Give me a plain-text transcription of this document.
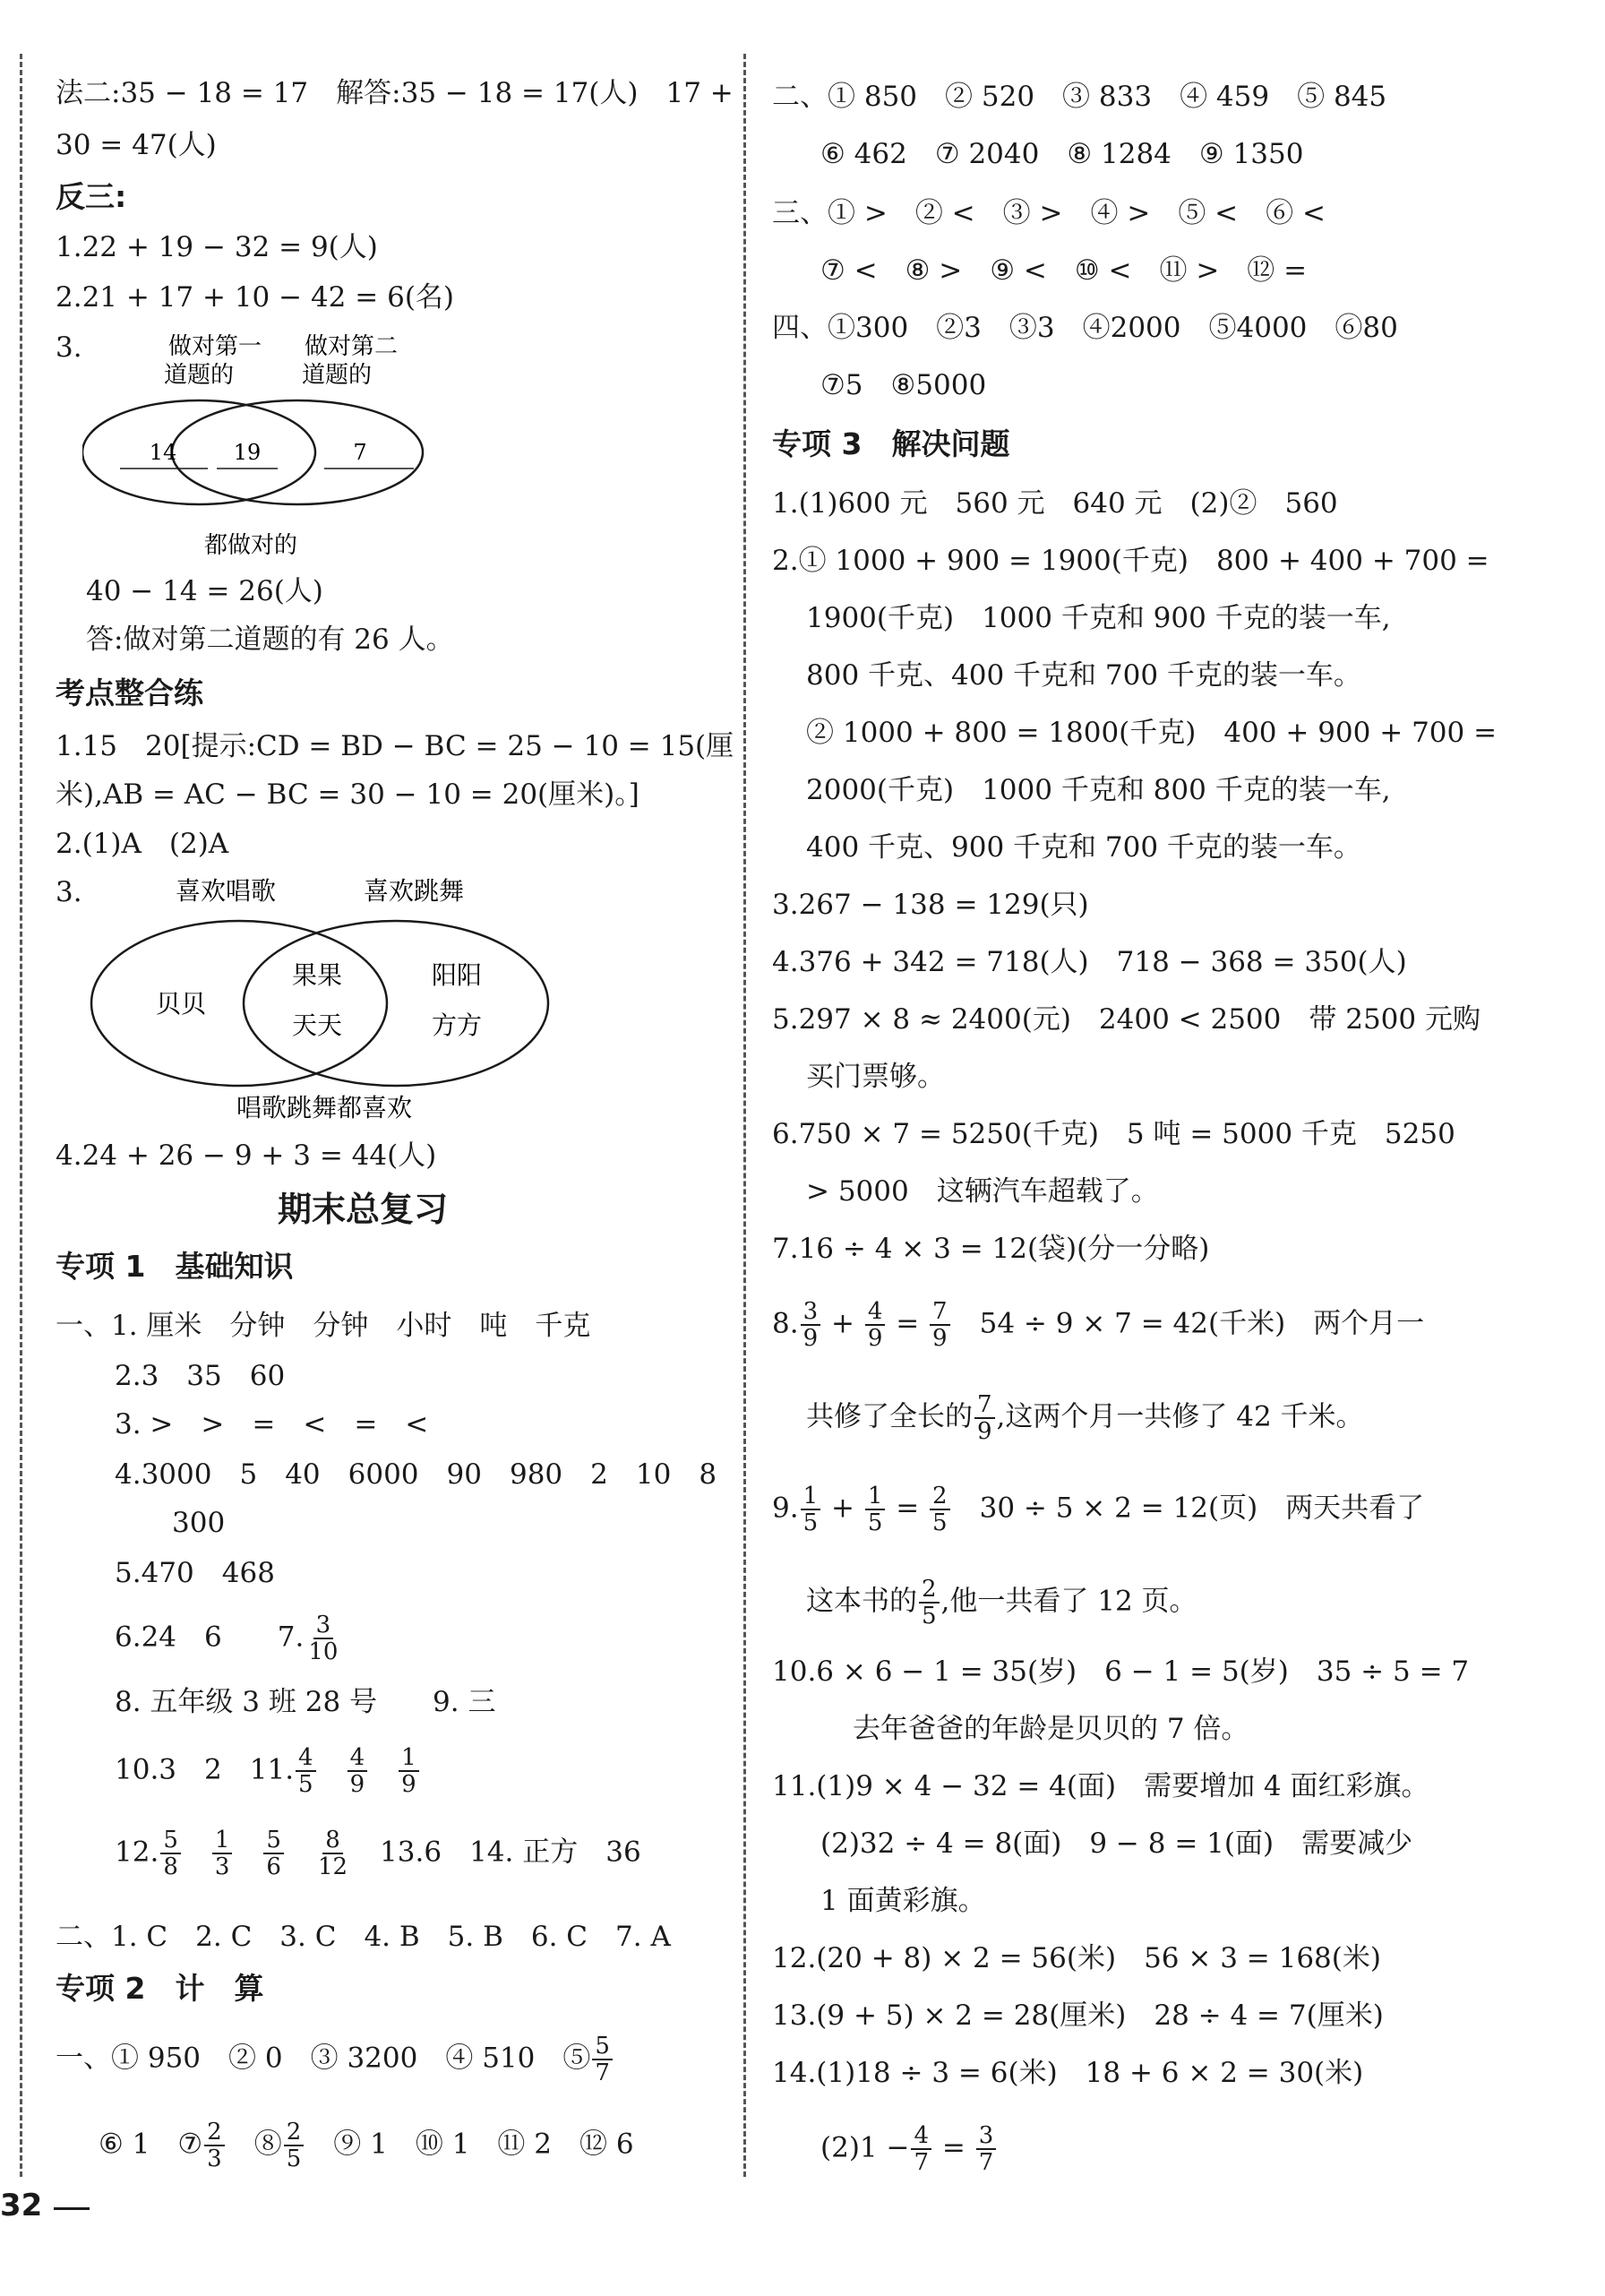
法二:35 − 18 = 17　解答:35 − 18 = 17(人)　17 +
30 = 47(人)
反三:
1.22 + 19 − 32 = 9(人)
2.21 + 17 + 10 − 42 = 6(名)
3.	做对第一
道题的
做对第二
道题的
14	19	7
都做对的
40 − 14 = 26(人)
答:做对第二道题的有 26 人。
考点整合练
1.15　20[提示:CD = BD − BC = 25 − 10 = 15(厘
米),AB = AC − BC = 30 − 10 = 20(厘米)。]
2.(1)A　(2)A
3.	喜欢唱歌	喜欢跳舞
贝贝
果果
天天
阳阳
方方
唱歌跳舞都喜欢
4.24 + 26 − 9 + 3 = 44(人)
期末总复习
专项 1　基础知识
一、1. 厘米　分钟　分钟　小时　吨　千克
2.3　35　60
3. >　>　=　<　=　<
4.3000　5　40　6000　90　980　2　10　8
300
5.470　468
6.24　6　　7. $\frac{3}{10}$
8. 五年级 3 班 28 号　　9. 三
10.3　2　11. $\frac{4}{5}$
　 $\frac{4}{9}$
　 $\frac{1}{9}$
12. $\frac{5}{8}$
　 $\frac{1}{3}$
　 $\frac{5}{6}$
　 $\frac{8}{12}$
　 13.6　14. 正方　36
二、1. C　2. C　3. C　4. B　5. B　6. C　7. A
专项 2　计　算
一、① 950　② 0　③ 3200　④ 510　⑤ $\frac{5}{7}$
⑥ 1　⑦ $\frac{2}{3}$
　 ⑧ $\frac{2}{5}$
　 ⑨ 1　⑩ 1　⑪ 2　⑫ 6
二、① 850　② 520　③ 833　④ 459　⑤ 845
⑥ 462　⑦ 2040　⑧ 1284　⑨ 1350
三、① >　② <　③ >　④ >　⑤ <　⑥ <
⑦ <　⑧ >　⑨ <　⑩ <　⑪ >　⑫ =
四、①300　②3　③3　④2000　⑤4000　⑥80
⑦5　⑧5000
专项 3　解决问题
1.(1)600 元　560 元　640 元　(2)②　560
2.① 1000 + 900 = 1900(千克)　800 + 400 + 700 =
1900(千克)　1000 千克和 900 千克的装一车,
800 千克、400 千克和 700 千克的装一车。
② 1000 + 800 = 1800(千克)　400 + 900 + 700 =
2000(千克)　1000 千克和 800 千克的装一车,
400 千克、900 千克和 700 千克的装一车。
3.267 − 138 = 129(只)
4.376 + 342 = 718(人)　718 − 368 = 350(人)
5.297 × 8 ≈ 2400(元)　2400 < 2500　带 2500 元购
买门票够。
6.750 × 7 = 5250(千克)　5 吨 = 5000 千克　5250
> 5000　这辆汽车超载了。
7.16 ÷ 4 × 3 = 12(袋)(分一分略)
8. $\frac{3}{9} + \frac{4}{9} = \frac{7}{9}$
　 54 ÷ 9 × 7 = 42(千米)　两个月一
共修了全长的 $\frac{7}{9}$ ,这两个月一共修了 42 千米。
9. $\frac{1}{5} + \frac{1}{5} = \frac{2}{5}$
　 30 ÷ 5 × 2 = 12(页)　两天共看了
这本书的 $\frac{2}{5}$ ,他一共看了 12 页。
10.6 × 6 − 1 = 35(岁)　6 − 1 = 5(岁)　35 ÷ 5 = 7
去年爸爸的年龄是贝贝的 7 倍。
11.(1)9 × 4 − 32 = 4(面)　需要增加 4 面红彩旗。
(2)32 ÷ 4 = 8(面)　9 − 8 = 1(面)　需要减少
1 面黄彩旗。
12.(20 + 8) × 2 = 56(米)　56 × 3 = 168(米)
13.(9 + 5) × 2 = 28(厘米)　28 ÷ 4 = 7(厘米)
14.(1)18 ÷ 3 = 6(米)　18 + 6 × 2 = 30(米)
$(2)1 - \frac{4}{7} = \frac{3}{7}$
32
